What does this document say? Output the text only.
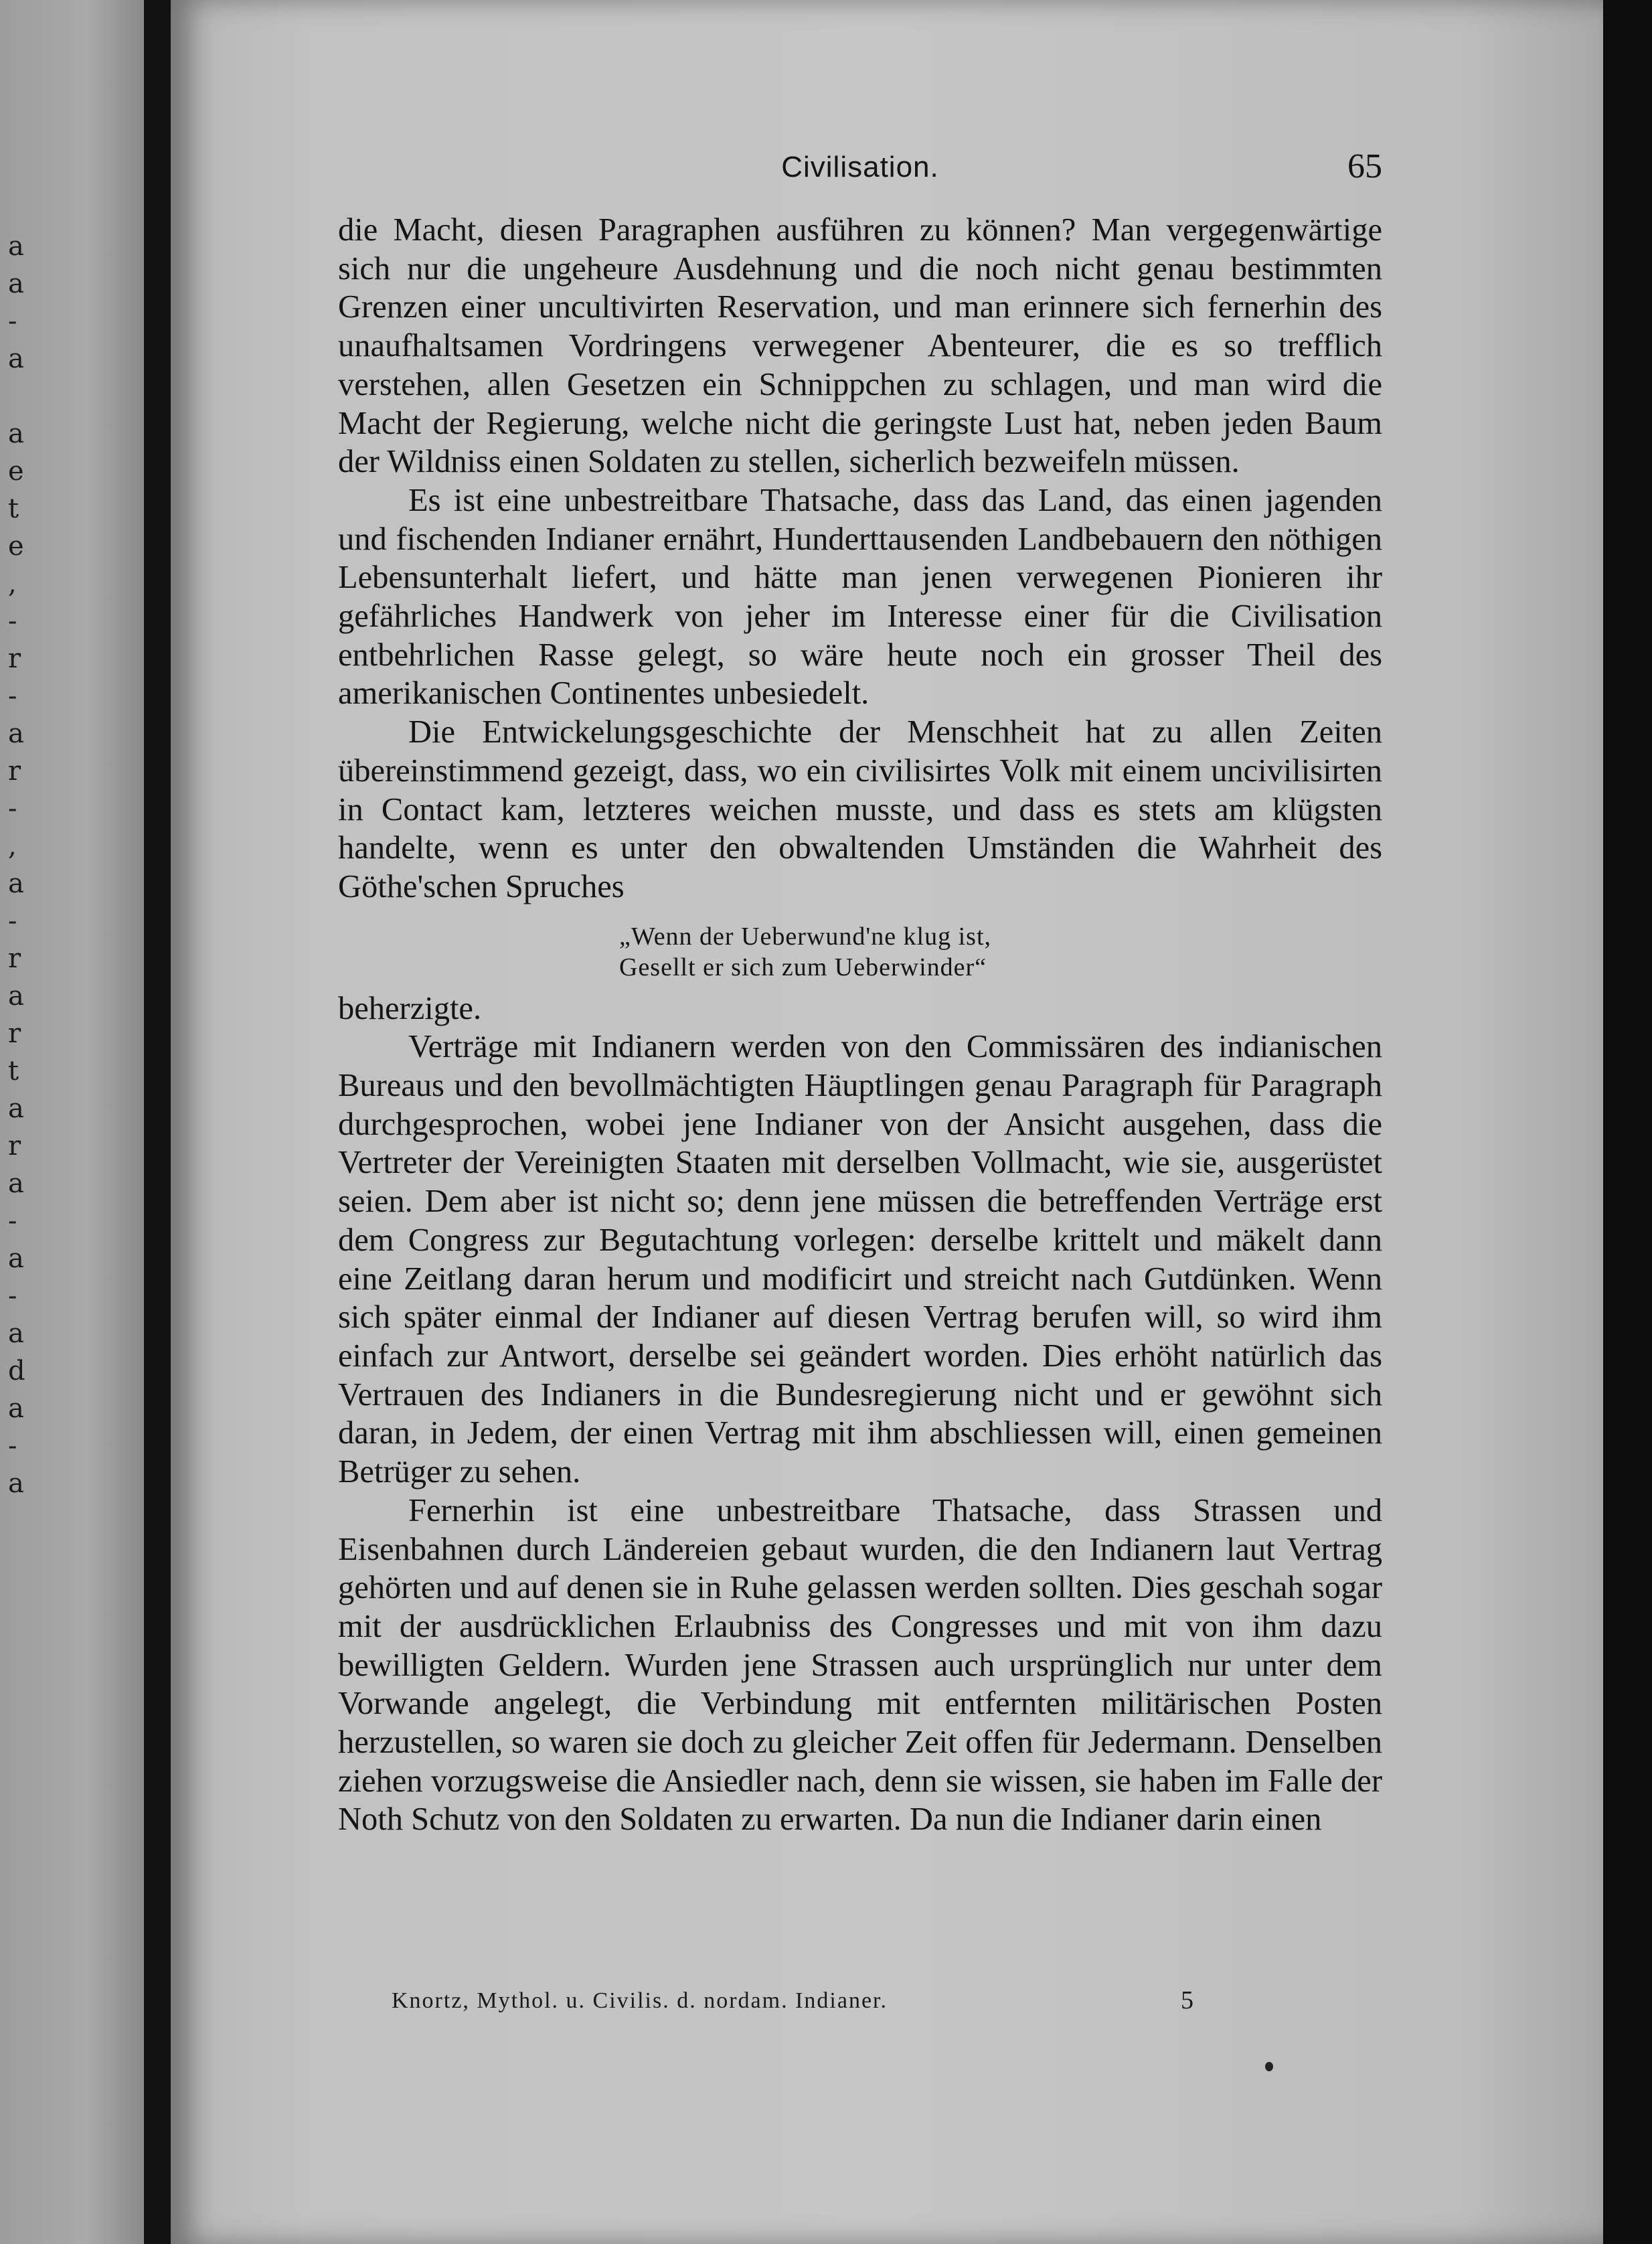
a
a
-
a

a
e
t
e
,
-
r
-
a
r
-
,
a
-
r
a
r
t
a
r
a
-
a
-
a
d
a
-
a
Civilisation.	65

die Macht, diesen Paragraphen ausführen zu können? Man vergegenwärtige sich nur die ungeheure Ausdehnung und die noch nicht genau bestimmten Grenzen einer uncultivirten Reservation, und man erinnere sich fernerhin des unaufhaltsamen Vordringens verwegener Abenteurer, die es so trefflich verstehen, allen Gesetzen ein Schnippchen zu schlagen, und man wird die Macht der Regierung, welche nicht die geringste Lust hat, neben jeden Baum der Wildniss einen Soldaten zu stellen, sicherlich bezweifeln müssen.

Es ist eine unbestreitbare Thatsache, dass das Land, das einen jagenden und fischenden Indianer ernährt, Hunderttausenden Landbebauern den nöthigen Lebensunterhalt liefert, und hätte man jenen verwegenen Pionieren ihr gefährliches Handwerk von jeher im Interesse einer für die Civilisation entbehrlichen Rasse gelegt, so wäre heute noch ein grosser Theil des amerikanischen Continentes unbesiedelt.

Die Entwickelungsgeschichte der Menschheit hat zu allen Zeiten übereinstimmend gezeigt, dass, wo ein civilisirtes Volk mit einem uncivilisirten in Contact kam, letzteres weichen musste, und dass es stets am klügsten handelte, wenn es unter den obwaltenden Umständen die Wahrheit des Göthe'schen Spruches

„Wenn der Ueberwund'ne klug ist,
Gesellt er sich zum Ueberwinder“

beherzigte.

Verträge mit Indianern werden von den Commissären des indianischen Bureaus und den bevollmächtigten Häuptlingen genau Paragraph für Paragraph durchgesprochen, wobei jene Indianer von der Ansicht ausgehen, dass die Vertreter der Vereinigten Staaten mit derselben Vollmacht, wie sie, ausgerüstet seien. Dem aber ist nicht so; denn jene müssen die betreffenden Verträge erst dem Congress zur Begutachtung vorlegen: derselbe krittelt und mäkelt dann eine Zeitlang daran herum und modificirt und streicht nach Gutdünken. Wenn sich später einmal der Indianer auf diesen Vertrag berufen will, so wird ihm einfach zur Antwort, derselbe sei geändert worden. Dies erhöht natürlich das Vertrauen des Indianers in die Bundesregierung nicht und er gewöhnt sich daran, in Jedem, der einen Vertrag mit ihm abschliessen will, einen gemeinen Betrüger zu sehen.

Fernerhin ist eine unbestreitbare Thatsache, dass Strassen und Eisenbahnen durch Ländereien gebaut wurden, die den Indianern laut Vertrag gehörten und auf denen sie in Ruhe gelassen werden sollten. Dies geschah sogar mit der ausdrücklichen Erlaubniss des Congresses und mit von ihm dazu bewilligten Geldern. Wurden jene Strassen auch ursprünglich nur unter dem Vorwande angelegt, die Verbindung mit entfernten militärischen Posten herzustellen, so waren sie doch zu gleicher Zeit offen für Jedermann. Denselben ziehen vorzugsweise die Ansiedler nach, denn sie wissen, sie haben im Falle der Noth Schutz von den Soldaten zu erwarten. Da nun die Indianer darin einen

Knortz, Mythol. u. Civilis. d. nordam. Indianer.	5
